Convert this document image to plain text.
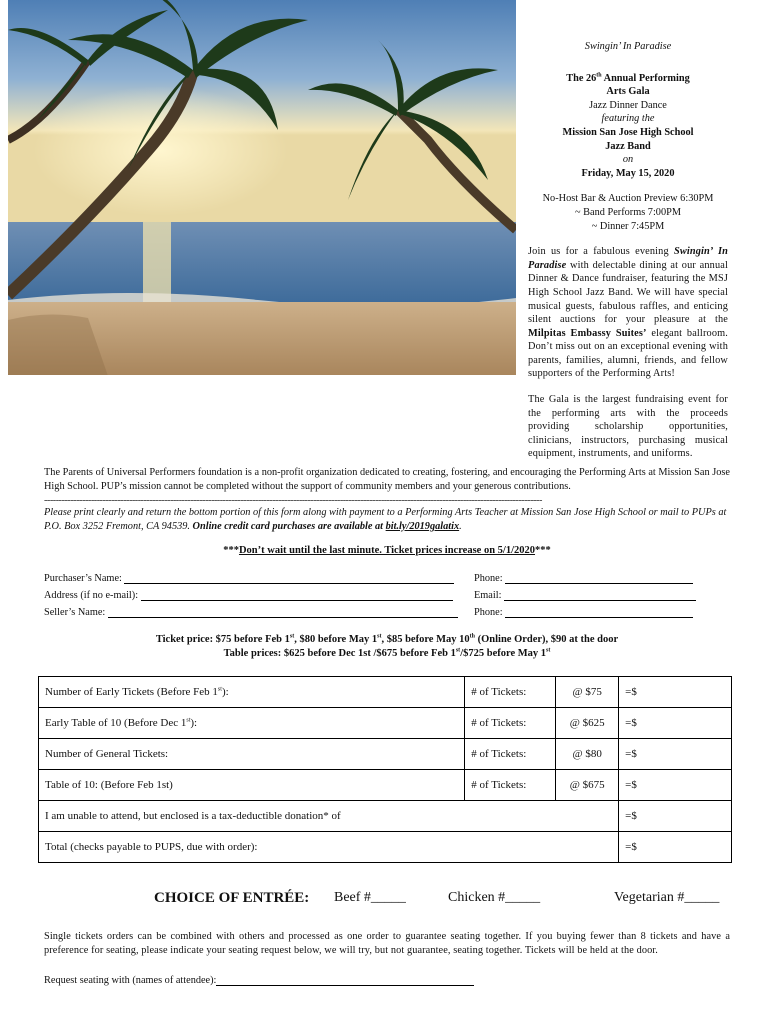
Swingin’ In Paradise
The 26th Annual Performing
Arts Gala
Jazz Dinner Dance
featuring the
Mission San Jose High School
Jazz Band
on
Friday, May 15, 2020
No-Host Bar & Auction Preview 6:30PM
~ Band Performs 7:00PM
~ Dinner 7:45PM
Join us for a fabulous evening Swingin’ In Paradise with delectable dining at our annual Dinner & Dance fundraiser, featuring the MSJ High School Jazz Band. We will have special musical guests, fabulous raffles, and enticing silent auctions for your pleasure at the Milpitas Embassy Suites’ elegant ballroom. Don’t miss out on an exceptional evening with parents, families, alumni, friends, and fellow supporters of the Performing Arts!
The Gala is the largest fundraising event for the performing arts with the proceeds providing scholarship opportunities, clinicians, instructors, purchasing musical equipment, instruments, and uniforms.
The Parents of Universal Performers foundation is a non-profit organization dedicated to creating, fostering, and encouraging the Performing Arts at Mission San Jose High School. PUP’s mission cannot be completed without the support of community members and your generous contributions.
--------------------------------------------------------------------------------------------------------------------------------------------------------------------------
Please print clearly and return the bottom portion of this form along with payment to a Performing Arts Teacher at Mission San Jose High School or mail to PUPs at P.O. Box 3252 Fremont, CA 94539. Online credit card purchases are available at bit.ly/2019galatix.
***Don’t wait until the last minute. Ticket prices increase on 5/1/2020***
Purchaser’s Name:	Phone:
Address (if no e-mail):	Email:
Seller’s Name:	Phone:
Ticket price: $75 before Feb 1st, $80 before May 1st, $85 before May 10th (Online Order), $90 at the door
Table prices: $625 before Dec 1st /$675 before Feb 1st/$725 before May 1st
Number of Early Tickets (Before Feb 1st):	# of Tickets:	@ $75	=$
Early Table of 10 (Before Dec 1st):	# of Tickets:	@ $625	=$
Number of General Tickets:	# of Tickets:	@ $80	=$
Table of 10: (Before Feb 1st)	# of Tickets:	@ $675	=$
I am unable to attend, but enclosed is a tax-deductible donation* of			=$
Total (checks payable to PUPS, due with order):			=$
CHOICE OF ENTRÉE: Beef #_____	Chicken #_____	Vegetarian #_____
Single tickets orders can be combined with others and processed as one order to guarantee seating together. If you buying fewer than 8 tickets and have a preference for seating, please indicate your seating request below, we will try, but not guarantee, seating together. Tickets will be held at the door.
Request seating with (names of attendee):
